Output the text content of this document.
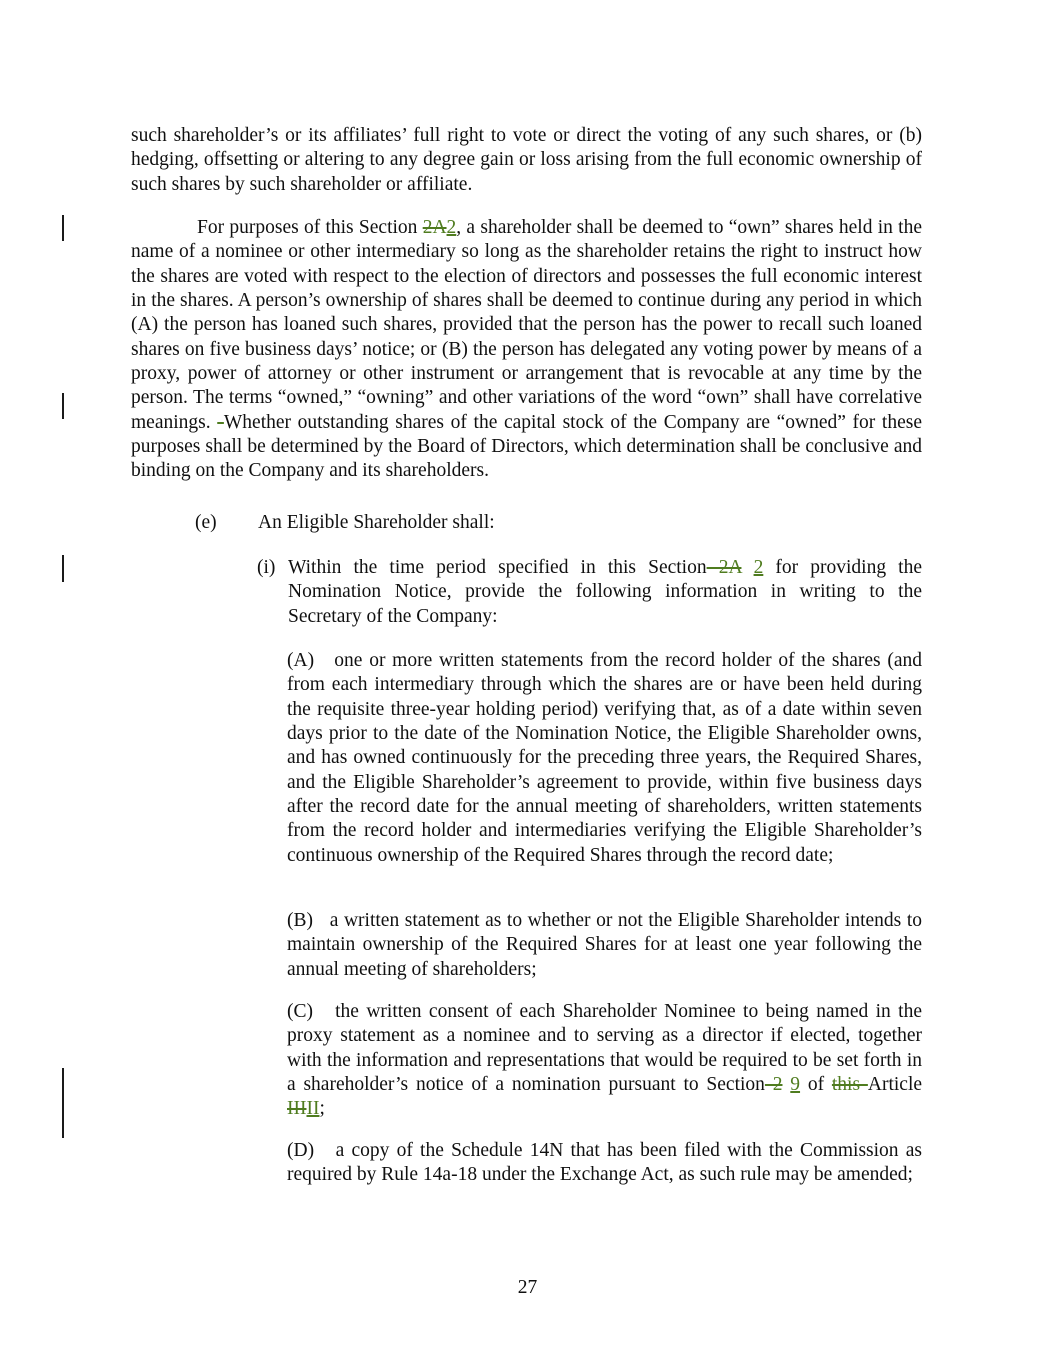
such shareholder’s or its affiliates’ full right to vote or direct the voting of any such shares, or (b) hedging, offsetting or altering to any degree gain or loss arising from the full economic ownership of such shares by such shareholder or affiliate.

For purposes of this Section 2A2, a shareholder shall be deemed to “own” shares held in the name of a nominee or other intermediary so long as the shareholder retains the right to instruct how the shares are voted with respect to the election of directors and possesses the full economic interest in the shares. A person’s ownership of shares shall be deemed to continue during any period in which (A) the person has loaned such shares, provided that the person has the power to recall such loaned shares on five business days’ notice; or (B) the person has delegated any voting power by means of a proxy, power of attorney or other instrument or arrangement that is revocable at any time by the person. The terms “owned,” “owning” and other variations of the word “own” shall have correlative meanings.  Whether outstanding shares of the capital stock of the Company are “owned” for these purposes shall be determined by the Board of Directors, which determination shall be conclusive and binding on the Company and its shareholders.

(e) An Eligible Shareholder shall:

(i) Within the time period specified in this Section 2A 2 for providing the Nomination Notice, provide the following information in writing to the Secretary of the Company:

(A)   one or more written statements from the record holder of the shares (and from each intermediary through which the shares are or have been held during the requisite three-year holding period) verifying that, as of a date within seven days prior to the date of the Nomination Notice, the Eligible Shareholder owns, and has owned continuously for the preceding three years, the Required Shares, and the Eligible Shareholder’s agreement to provide, within five business days after the record date for the annual meeting of shareholders, written statements from the record holder and intermediaries verifying the Eligible Shareholder’s continuous ownership of the Required Shares through the record date;

(B)   a written statement as to whether or not the Eligible Shareholder intends to maintain ownership of the Required Shares for at least one year following the annual meeting of shareholders;

(C)   the written consent of each Shareholder Nominee to being named in the proxy statement as a nominee and to serving as a director if elected, together with the information and representations that would be required to be set forth in a shareholder’s notice of a nomination pursuant to Section 2 9 of this Article IIIII;

(D)   a copy of the Schedule 14N that has been filed with the Commission as required by Rule 14a-18 under the Exchange Act, as such rule may be amended;

27
